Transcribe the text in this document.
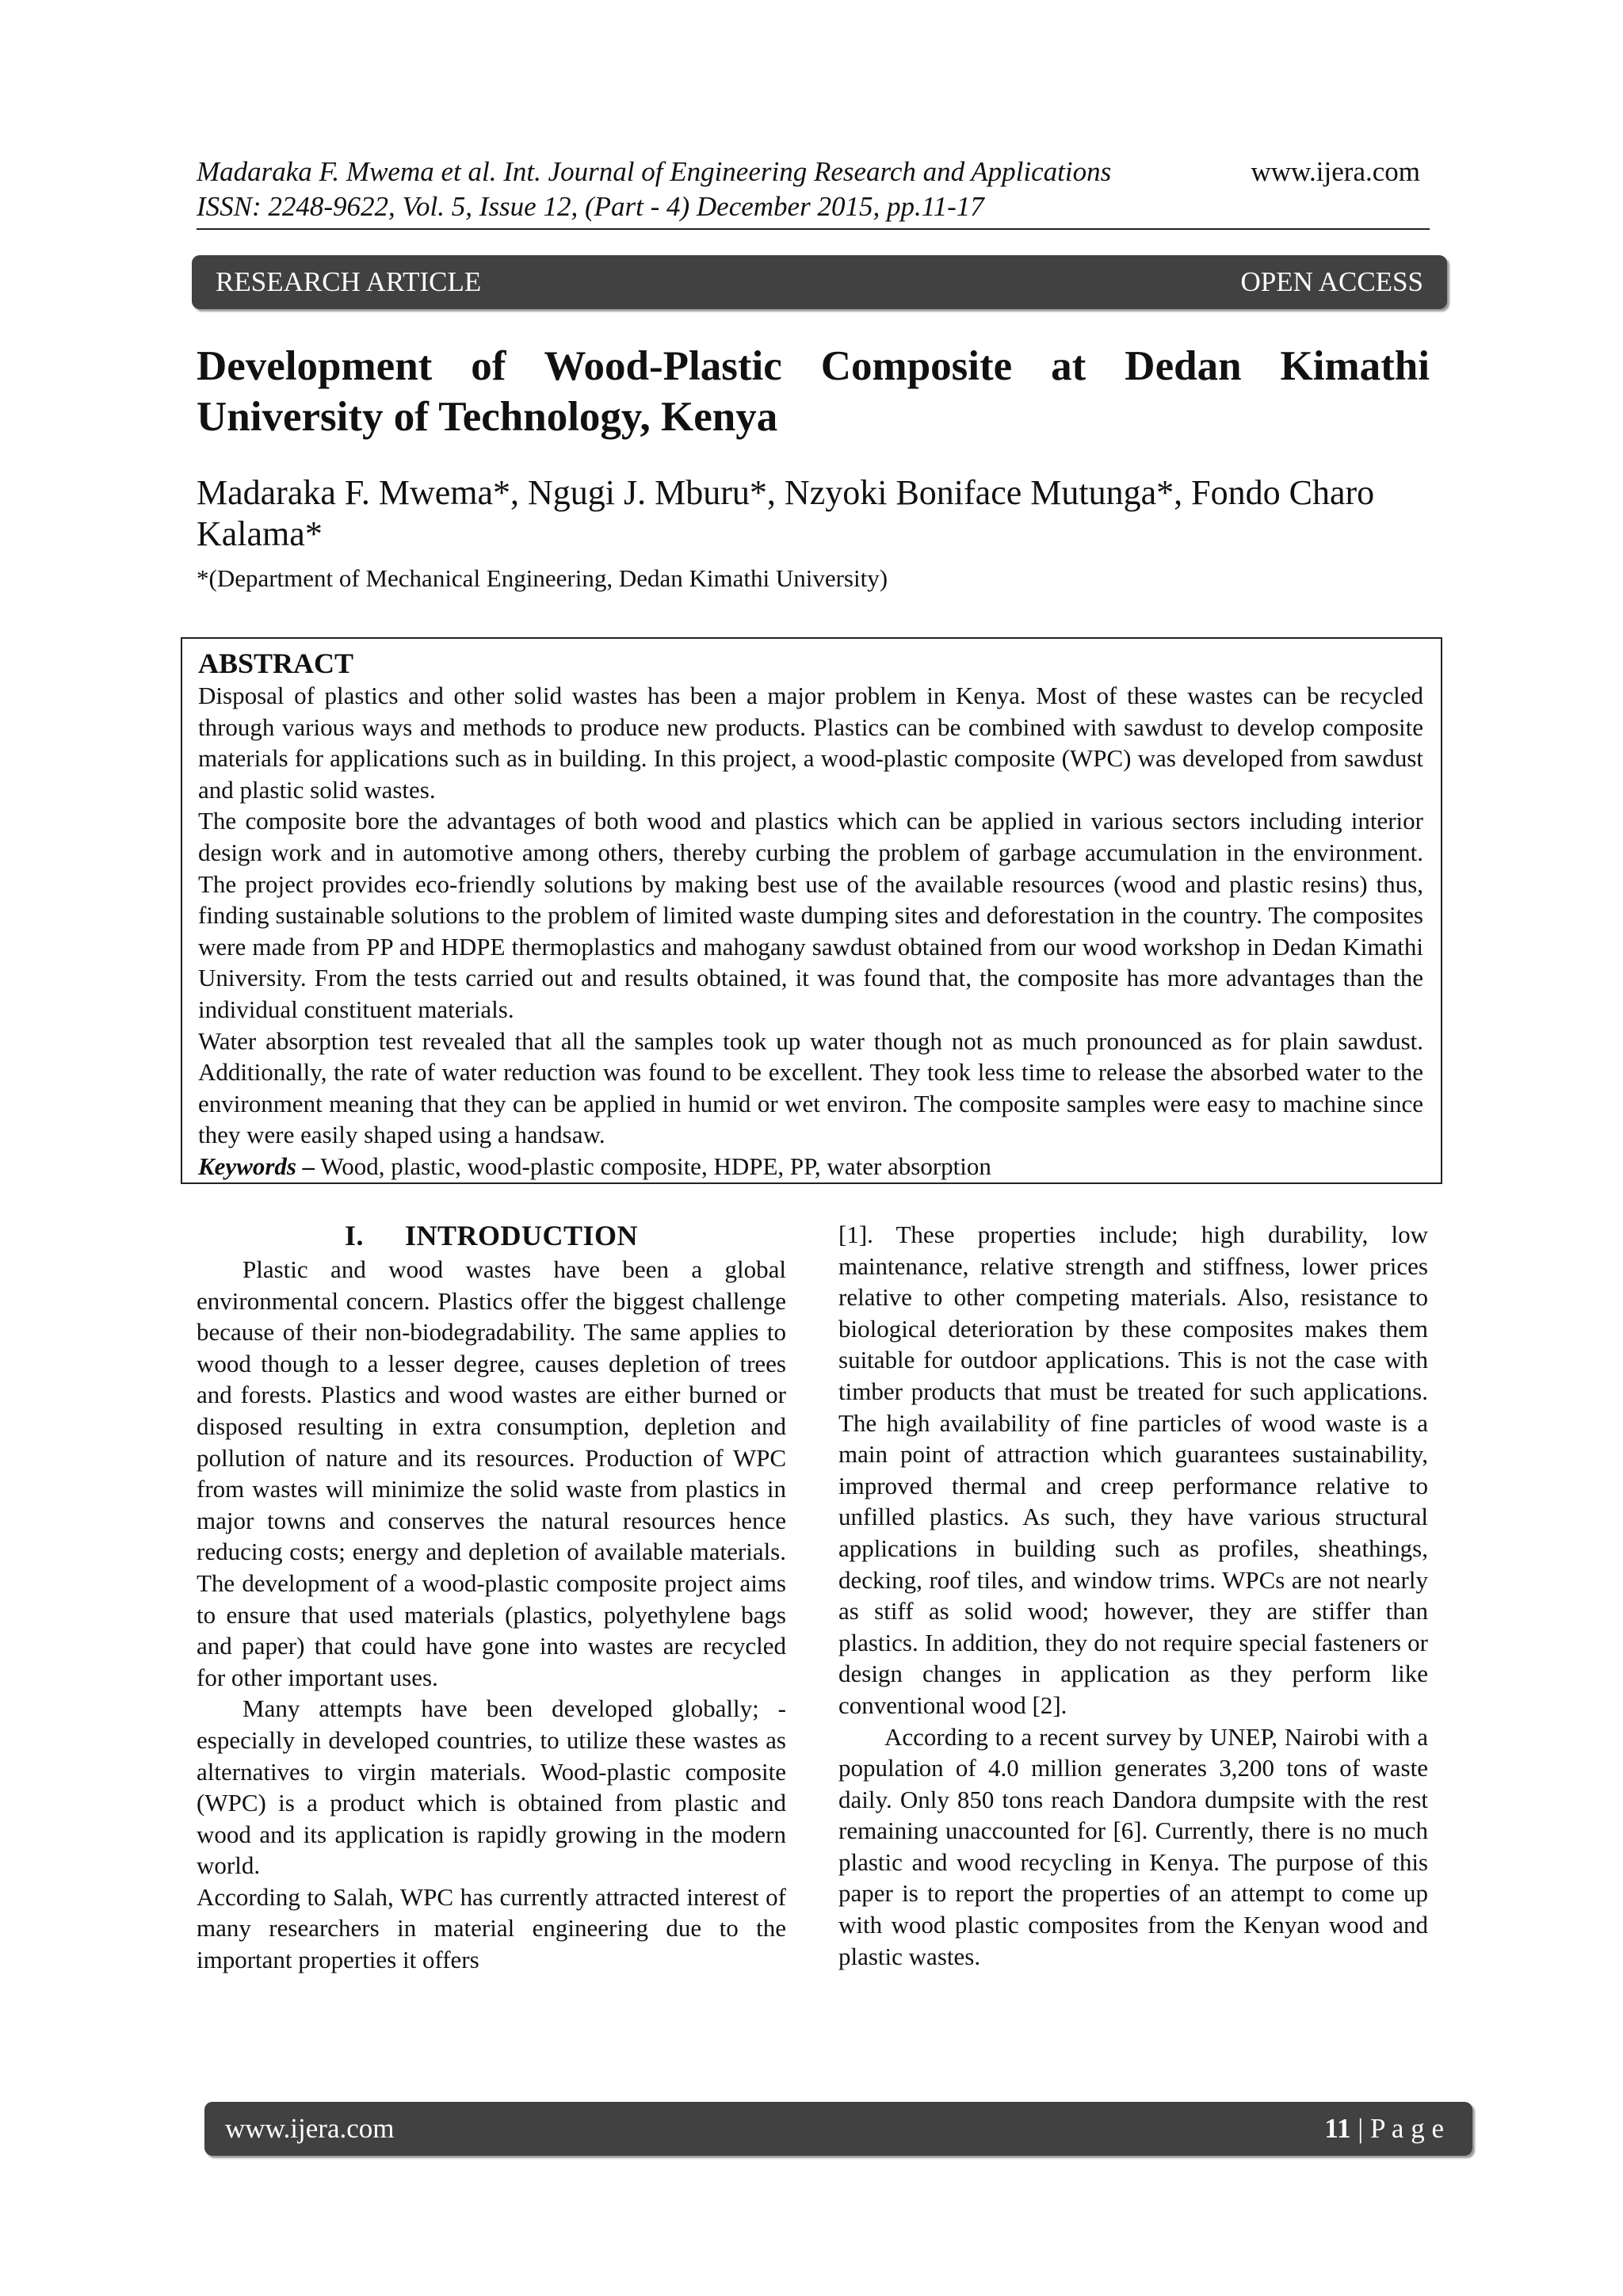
Madaraka F. Mwema et al. Int. Journal of Engineering Research and Applications	www.ijera.com
ISSN: 2248-9622, Vol. 5, Issue 12, (Part - 4) December 2015, pp.11-17
RESEARCH ARTICLE	OPEN ACCESS
Development of Wood-Plastic Composite at Dedan Kimathi University of Technology, Kenya
Madaraka F. Mwema*, Ngugi J. Mburu*, Nzyoki Boniface Mutunga*, Fondo Charo Kalama*
*(Department of Mechanical Engineering, Dedan Kimathi University)
ABSTRACT

Disposal of plastics and other solid wastes has been a major problem in Kenya. Most of these wastes can be recycled through various ways and methods to produce new products. Plastics can be combined with sawdust to develop composite materials for applications such as in building. In this project, a wood-plastic composite (WPC) was developed from sawdust and plastic solid wastes.

The composite bore the advantages of both wood and plastics which can be applied in various sectors including interior design work and in automotive among others, thereby curbing the problem of garbage accumulation in the environment. The project provides eco-friendly solutions by making best use of the available resources (wood and plastic resins) thus, finding sustainable solutions to the problem of limited waste dumping sites and deforestation in the country. The composites were made from PP and HDPE thermoplastics and mahogany sawdust obtained from our wood workshop in Dedan Kimathi University. From the tests carried out and results obtained, it was found that, the composite has more advantages than the individual constituent materials.

Water absorption test revealed that all the samples took up water though not as much pronounced as for plain sawdust. Additionally, the rate of water reduction was found to be excellent. They took less time to release the absorbed water to the environment meaning that they can be applied in humid or wet environ. The composite samples were easy to machine since they were easily shaped using a handsaw.

Keywords – Wood, plastic, wood-plastic composite, HDPE, PP, water absorption

I. INTRODUCTION

Plastic and wood wastes have been a global environmental concern. Plastics offer the biggest challenge because of their non-biodegradability. The same applies to wood though to a lesser degree, causes depletion of trees and forests. Plastics and wood wastes are either burned or disposed resulting in extra consumption, depletion and pollution of nature and its resources. Production of WPC from wastes will minimize the solid waste from plastics in major towns and conserves the natural resources hence reducing costs; energy and depletion of available materials. The development of a wood-plastic composite project aims to ensure that used materials (plastics, polyethylene bags and paper) that could have gone into wastes are recycled for other important uses.

Many attempts have been developed globally; -especially in developed countries, to utilize these wastes as alternatives to virgin materials. Wood-plastic composite (WPC) is a product which is obtained from plastic and wood and its application is rapidly growing in the modern world.

According to Salah, WPC has currently attracted interest of many researchers in material engineering due to the important properties it offers

[1]. These properties include; high durability, low maintenance, relative strength and stiffness, lower prices relative to other competing materials. Also, resistance to biological deterioration by these composites makes them suitable for outdoor applications. This is not the case with timber products that must be treated for such applications. The high availability of fine particles of wood waste is a main point of attraction which guarantees sustainability, improved thermal and creep performance relative to unfilled plastics. As such, they have various structural applications in building such as profiles, sheathings, decking, roof tiles, and window trims. WPCs are not nearly as stiff as solid wood; however, they are stiffer than plastics. In addition, they do not require special fasteners or design changes in application as they perform like conventional wood [2].

According to a recent survey by UNEP, Nairobi with a population of 4.0 million generates 3,200 tons of waste daily. Only 850 tons reach Dandora dumpsite with the rest remaining unaccounted for [6]. Currently, there is no much plastic and wood recycling in Kenya. The purpose of this paper is to report the properties of an attempt to come up with wood plastic composites from the Kenyan wood and plastic wastes.

www.ijera.com	11 | P a g e
